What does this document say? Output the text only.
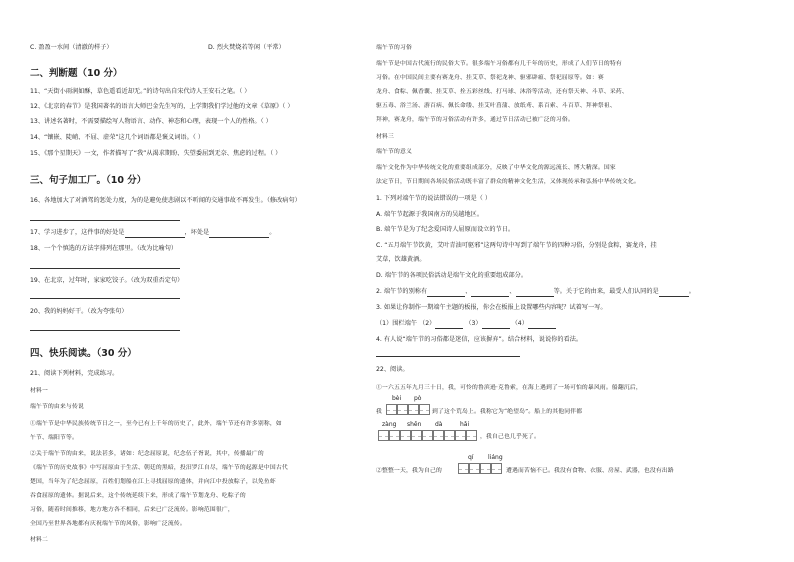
C. 盈盈一水间（清澈的样子）	D. 烈火焚烧若等闲（平常）
二、判断题（10 分）
11、“天街小雨润如酥，草色遥看近却无。”的诗句出自宋代诗人王安石之笔。（ ）
12、《北京的春节》是我国著名的语言大师巴金先生写的，上学期我们学过他的文章《草原》（ ）
13、讲述名著时，不需要描绘写人物语言、动作、神态和心理，表现一个人的性格。（ ）
14、“镶嵌、陡峭、不屈、虚荣”这几个词语都是褒义词语。（ ）
15、《那个星期天》一文，作者描写了“我”从渴求期盼、失望委屈到无奈、焦虑的过程。（ ）
三、句子加工厂。（10 分）
16、各地加大了对酒驾的惩处力度，为的是避免使悲剧以不听闻的交通事故不再发生。（修改病句）
17、学习进步了，这件事的好处是	，坏处是	。
18、一个个慎选的方法字排列在那里。（改为比喻句）
19、在北京，过年时，家家吃饺子。（改为双重否定句）
20、我的妈妈好干。（改为夸张句）
四、快乐阅读。（30 分）
21、阅读下列材料，完成练习。
材料一
端午节的由来与传说
①端午节是中华民族传统节日之一，至今已有上千年的历史了，此外，端午节还有许多别称，如
午节、端阳节等。
②关于端午节的由来，说法甚多，诸如：纪念屈原说，纪念伍子胥说，其中，传播最广的
《端午节的历史故事》中写屈原由于生活、朝廷的黑暗，投汨罗江自尽，端午节的起源是中国古代
楚国，当年为了纪念屈原，百姓们划船在江上寻找屈原的遗体，并向江中投放粽子，以免鱼虾
吞食屈原的遗体。据说后来，这个传统延续下来，形成了端午节划龙舟、吃粽子的
习俗，随着时间推移，地方地方各不相同，后来已广泛流传。影响范围很广，
全国乃至世界各地都有庆祝端午节的风俗，影响广泛流传。
材料二
端午节的习俗
端午节是中国古代流行的民俗大节。很多端午习俗都有几千年的历史，形成了人们节日的特有
习俗。在中国民间主要有赛龙舟、挂艾草、祭祀龙神、驱邪辟瘟、祭祀屈原等。如：赛
龙舟、食粽、佩香囊、挂艾草、拴五彩丝线、打马球、沐浴等活动，还有祭天神、斗草、采药、
驱五毒、浴兰汤、游百病、佩长命缕、挂艾叶菖蒲、放纸鸢、系百索、斗百草、拜神祭祖、
拜神，赛龙舟，端午节的习俗活动有许多，通过节日活动已被广泛的习俗。
材料三
端午节的意义
端午文化作为中华传统文化的重要组成部分，反映了中华文化的源远流长、博大精深。国家
法定节日，节日期间各场民俗活动既丰富了群众的精神文化生活，又体现传承和弘扬中华传统文化。
1. 下列对端午节的说法错误的一项是（ ）
A. 端午节起源于我国南方的吴越地区。
B. 端午节是为了纪念爱国诗人屈原而设立的节日。
C. “五月端午节饮黄，艾叶青油可驱邪”这两句诗中写到了端午节的四种习俗，分别是食粽，赛龙舟，挂
艾草，饮雄黄酒。
D. 端午节的各项民俗活动是端午文化的重要组成部分。
2. 端午节的别称有	、	、	等。关于它的由来，最受人们认同的是	。
3. 如果让你制作一期端午主题的板报，你会在板报上设置哪些内容呢？试着写一写。
（1）围栏端午 （2）	（3）	（4）
4. 有人说“端午节的习俗都是迷信，应该摒弃”。结合材料，说说你的看法。
22、阅读。
①一六五五年九月三十日，我，可怜的鲁滨逊·克鲁索，在海上遇到了一场可怕的暴风雨。船翻沉后，
bèi pò
我	到了这个荒岛上。我称它为“绝望岛”。船上的其他同伴都
zàng shēn dà	hǎi
，我自己也几乎死了。
qí liáng
②整整一天，我为自己的	遭遇而苦恼不已。我没有食物、衣服、房屋、武器，也没有出路
